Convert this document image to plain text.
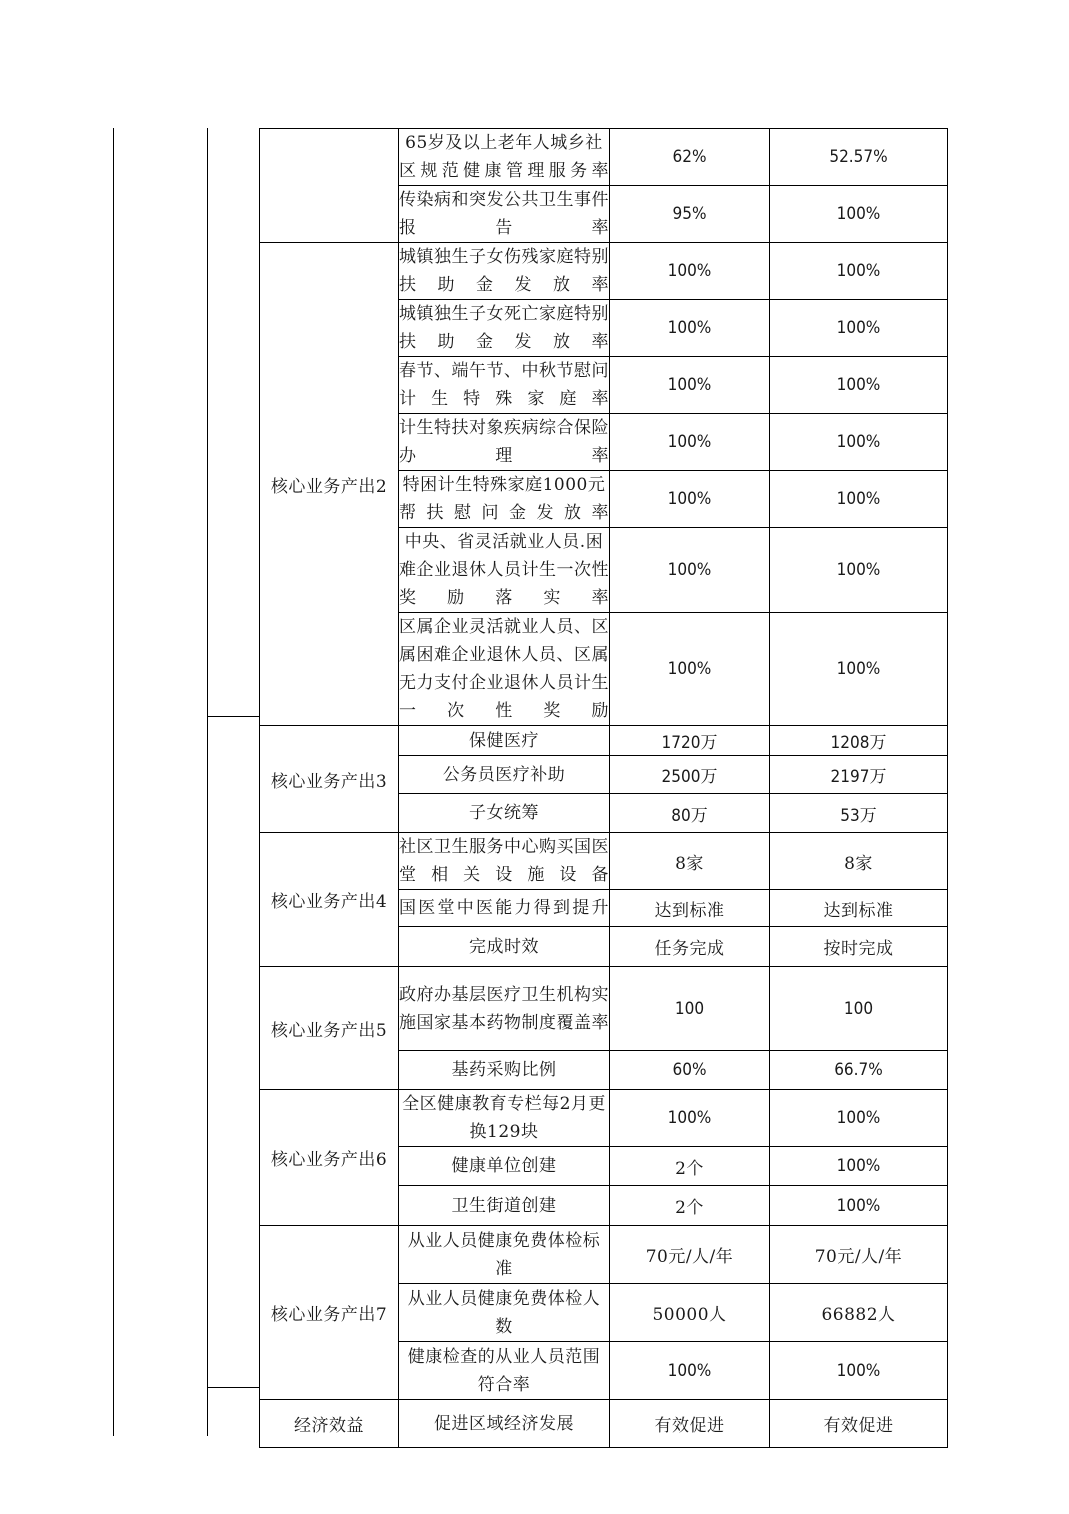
	65岁及以上老年人城乡社区规范健康管理服务率	62%	52.57%
	传染病和突发公共卫生事件报告率	95%	100%
核心业务产出2	城镇独生子女伤残家庭特别扶助金发放率	100%	100%
	城镇独生子女死亡家庭特别扶助金发放率	100%	100%
	春节、端午节、中秋节慰问计生特殊家庭率	100%	100%
	计生特扶对象疾病综合保险办理率	100%	100%
	特困计生特殊家庭1000元帮扶慰问金发放率	100%	100%
	中央、省灵活就业人员.困难企业退休人员计生一次性奖励落实率	100%	100%
	区属企业灵活就业人员、区属困难企业退休人员、区属无力支付企业退休人员计生一次性奖励	100%	100%
核心业务产出3	保健医疗	1720万	1208万
	公务员医疗补助	2500万	2197万
	子女统筹	80万	53万
核心业务产出4	社区卫生服务中心购买国医堂相关设施设备	8家	8家
	国医堂中医能力得到提升	达到标准	达到标准
	完成时效	任务完成	按时完成
核心业务产出5	政府办基层医疗卫生机构实施国家基本药物制度覆盖率	100	100
	基药采购比例	60%	66.7%
核心业务产出6	全区健康教育专栏每2月更换129块	100%	100%
	健康单位创建	2个	100%
	卫生街道创建	2个	100%
核心业务产出7	从业人员健康免费体检标准	70元/人/年	70元/人/年
	从业人员健康免费体检人数	50000人	66882人
	健康检查的从业人员范围符合率	100%	100%
经济效益	促进区域经济发展	有效促进	有效促进
